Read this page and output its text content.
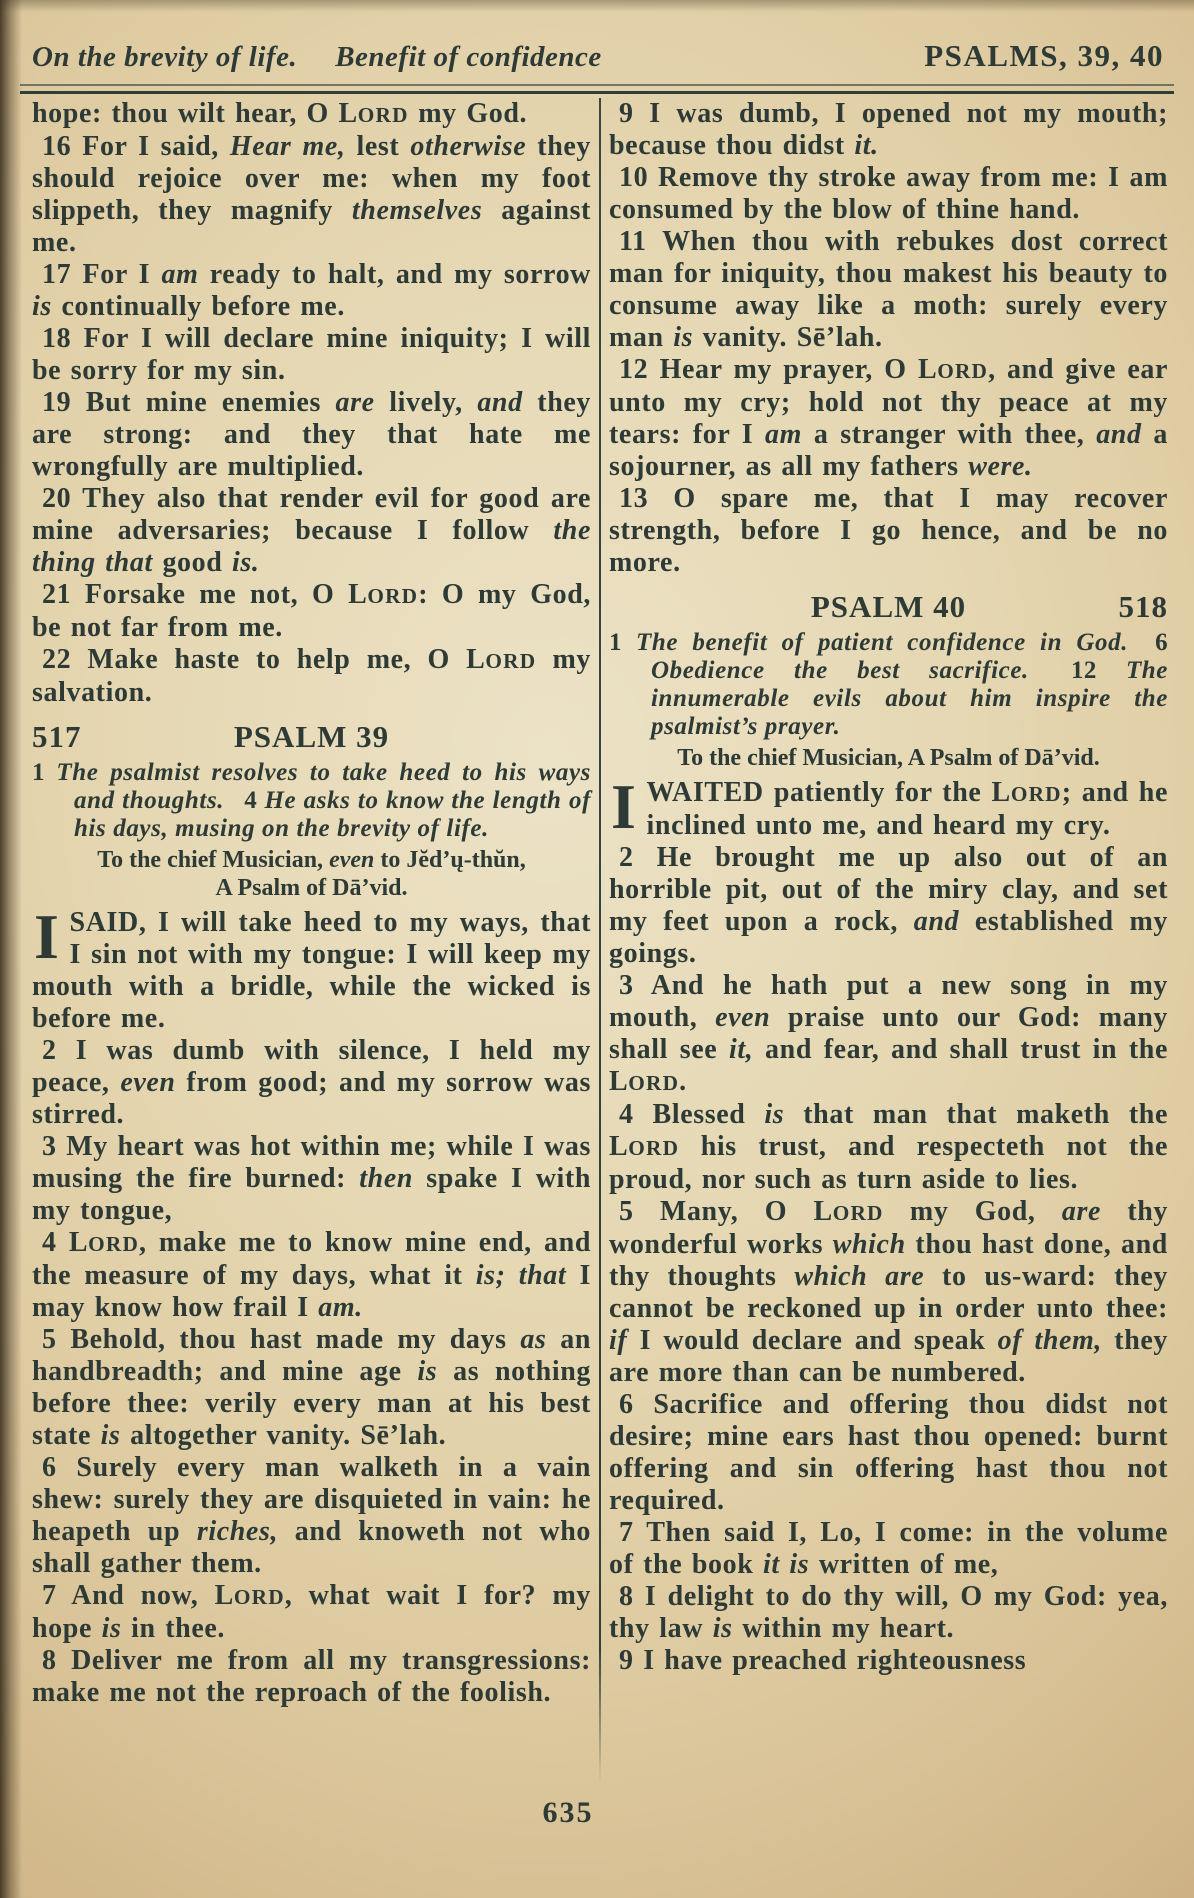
On the brevity of life. Benefit of confidence	PSALMS, 39, 40

hope: thou wilt hear, O LORD my God.

16 For I said, Hear me, lest otherwise they should rejoice over me: when my foot slippeth, they magnify themselves against me.

17 For I am ready to halt, and my sorrow is continually before me.

18 For I will declare mine iniquity; I will be sorry for my sin.

19 But mine enemies are lively, and they are strong: and they that hate me wrongfully are multiplied.

20 They also that render evil for good are mine adversaries; because I follow the thing that good is.

21 Forsake me not, O LORD: O my God, be not far from me.

22 Make haste to help me, O LORD my salvation.

517	PSALM 39

1 The psalmist resolves to take heed to his ways and thoughts.  4 He asks to know the length of his days, musing on the brevity of life.

To the chief Musician, even to Jĕd’ų-thŭn,
A Psalm of Dā’vid.

ISAID, I will take heed to my ways, that I sin not with my tongue: I will keep my mouth with a bridle, while the wicked is before me.

2 I was dumb with silence, I held my peace, even from good; and my sorrow was stirred.

3 My heart was hot within me; while I was musing the fire burned: then spake I with my tongue,

4 LORD, make me to know mine end, and the measure of my days, what it is; that I may know how frail I am.

5 Behold, thou hast made my days as an handbreadth; and mine age is as nothing before thee: verily every man at his best state is altogether vanity. Sē’lah.

6 Surely every man walketh in a vain shew: surely they are disquieted in vain: he heapeth up riches, and knoweth not who shall gather them.

7 And now, LORD, what wait I for? my hope is in thee.

8 Deliver me from all my transgressions: make me not the reproach of the foolish.

9 I was dumb, I opened not my mouth; because thou didst it.

10 Remove thy stroke away from me: I am consumed by the blow of thine hand.

11 When thou with rebukes dost correct man for iniquity, thou makest his beauty to consume away like a moth: surely every man is vanity. Sē’lah.

12 Hear my prayer, O LORD, and give ear unto my cry; hold not thy peace at my tears: for I am a stranger with thee, and a sojourner, as all my fathers were.

13 O spare me, that I may recover strength, before I go hence, and be no more.

PSALM 40	518

1 The benefit of patient confidence in God.  6 Obedience the best sacrifice.  12 The innumerable evils about him inspire the psalmist’s prayer.

To the chief Musician, A Psalm of Dā’vid.

IWAITED patiently for the LORD; and he inclined unto me, and heard my cry.

2 He brought me up also out of an horrible pit, out of the miry clay, and set my feet upon a rock, and established my goings.

3 And he hath put a new song in my mouth, even praise unto our God: many shall see it, and fear, and shall trust in the LORD.

4 Blessed is that man that maketh the LORD his trust, and respecteth not the proud, nor such as turn aside to lies.

5 Many, O LORD my God, are thy wonderful works which thou hast done, and thy thoughts which are to us-ward: they cannot be reckoned up in order unto thee: if I would declare and speak of them, they are more than can be numbered.

6 Sacrifice and offering thou didst not desire; mine ears hast thou opened: burnt offering and sin offering hast thou not required.

7 Then said I, Lo, I come: in the volume of the book it is written of me,

8 I delight to do thy will, O my God: yea, thy law is within my heart.

9 I have preached righteousness

635
